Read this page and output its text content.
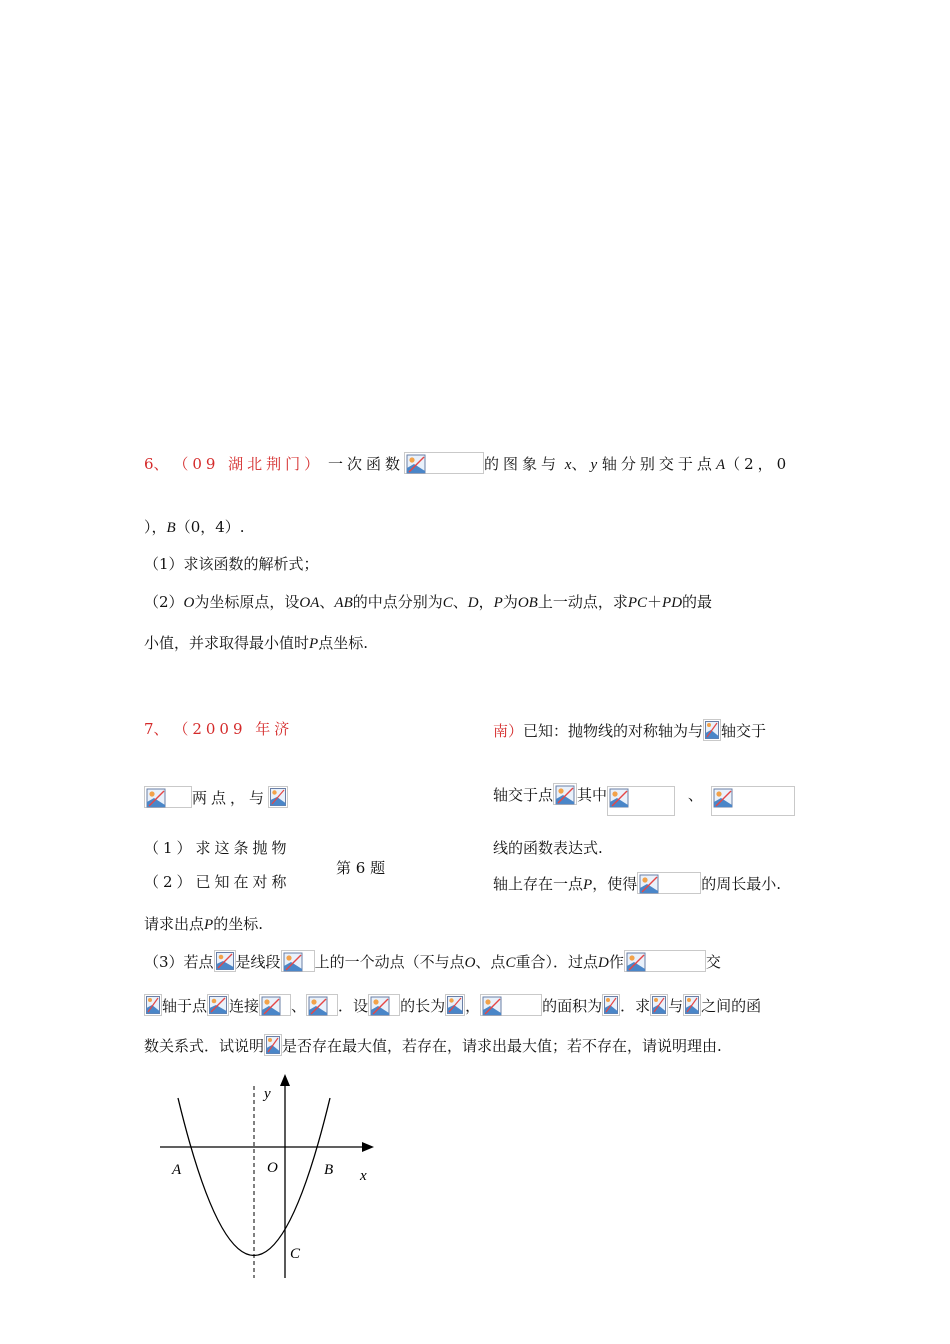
6、 （09 湖北荆门） 一次函数	的图象与 x、y 轴分别交于点A（2，0
），B（0，4）.
（1）求该函数的解析式；
（2）O为坐标原点，设OA、AB的中点分别为C、D，P为OB上一动点，求PC＋PD的最
小值，并求取得最小值时P点坐标.
7、 （2009 年济	南）已知：抛物线的对称轴为与 轴交于
两点，与	轴交于点 其中	、
（1）求这条抛物	线的函数表达式.
第 6 题
（2）已知在对称	轴上存在一点P，使得	的周长最小.
请求出点P的坐标.
（3）若点 是线段 上的一个动点（不与点O、点C重合）．过点D作	交
轴于点 连接 、 ．设 的长为 ，	的面积为 ．求 与 之间的函
数关系式．试说明 是否存在最大值，若存在，请求出最大值；若不存在，请说明理由.
y
A	O	B x
C
